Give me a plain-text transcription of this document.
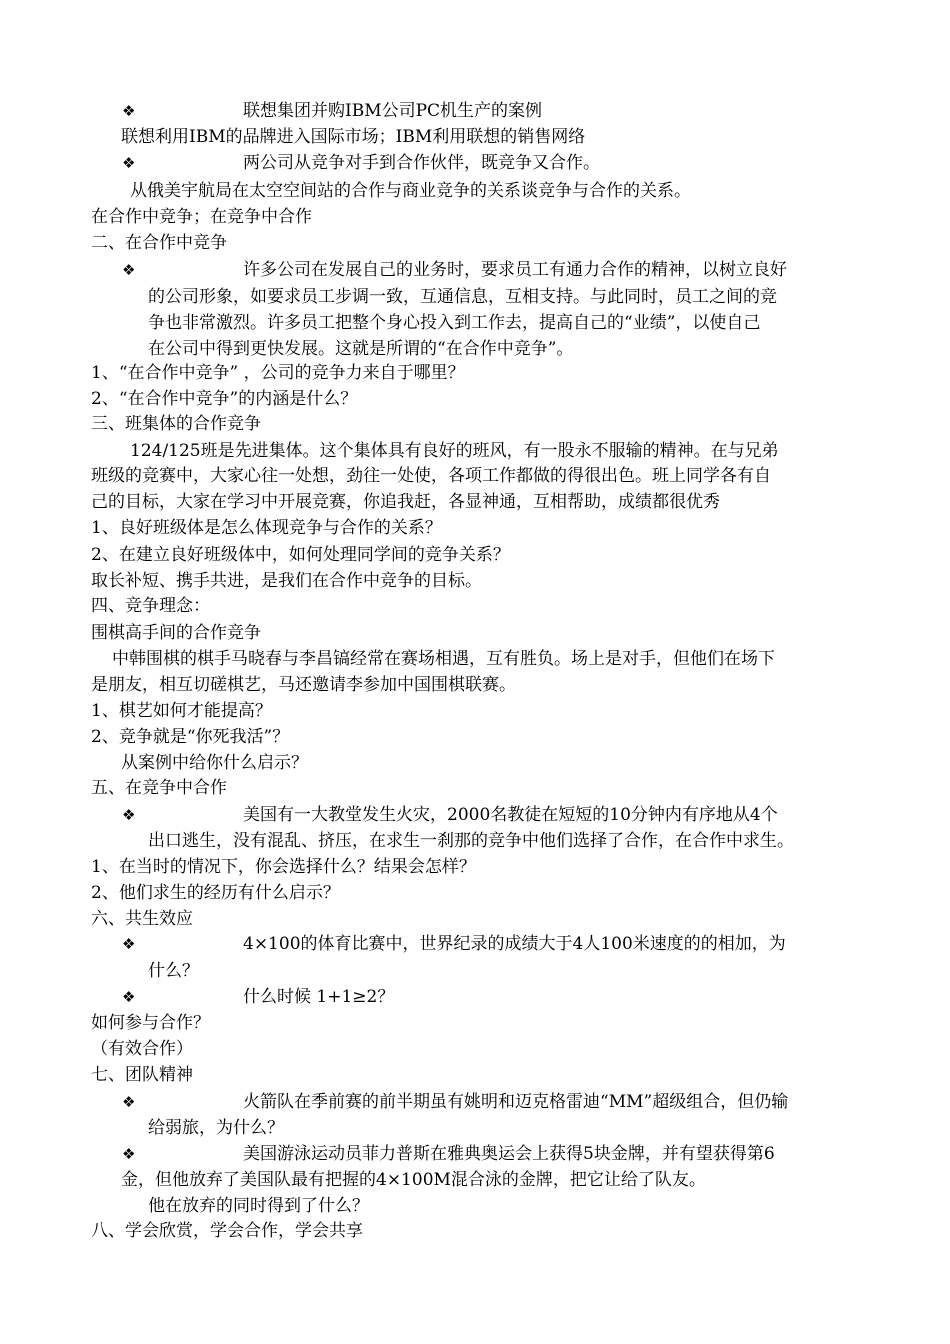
❖
❖
❖
❖
❖
❖
❖
❖
联想集团并购IBM公司PC机生产的案例
联想利用IBM的品牌进入国际市场；IBM利用联想的销售网络
两公司从竞争对手到合作伙伴，既竞争又合作。
从俄美宇航局在太空空间站的合作与商业竞争的关系谈竞争与合作的关系。
在合作中竞争；在竞争中合作
二、在合作中竞争
许多公司在发展自己的业务时，要求员工有通力合作的精神，以树立良好
的公司形象，如要求员工步调一致，互通信息，互相支持。与此同时，员工之间的竞
争也非常激烈。许多员工把整个身心投入到工作去，提高自己的“业绩”，以使自己
在公司中得到更快发展。这就是所谓的“在合作中竞争”。
1、“在合作中竞争” ，公司的竞争力来自于哪里？
2、“在合作中竞争”的内涵是什么？
三、班集体的合作竞争
124/125班是先进集体。这个集体具有良好的班风，有一股永不服输的精神。在与兄弟
班级的竞赛中，大家心往一处想，劲往一处使，各项工作都做的得很出色。班上同学各有自
己的目标，大家在学习中开展竞赛，你追我赶，各显神通，互相帮助，成绩都很优秀
1、良好班级体是怎么体现竞争与合作的关系？
2、在建立良好班级体中，如何处理同学间的竞争关系？
取长补短、携手共进，是我们在合作中竞争的目标。
四、竞争理念：
围棋高手间的合作竞争
中韩围棋的棋手马晓春与李昌镐经常在赛场相遇，互有胜负。场上是对手，但他们在场下
是朋友，相互切磋棋艺，马还邀请李参加中国围棋联赛。
1、棋艺如何才能提高？
2、竞争就是“你死我活”？
从案例中给你什么启示？
五、在竞争中合作
美国有一大教堂发生火灾，2000名教徒在短短的10分钟内有序地从4个
出口逃生，没有混乱、挤压，在求生一刹那的竞争中他们选择了合作，在合作中求生。
1、在当时的情况下，你会选择什么？结果会怎样？
2、他们求生的经历有什么启示？
六、共生效应
4×100的体育比赛中，世界纪录的成绩大于4人100米速度的的相加，为
什么？
什么时候 1+1≥2？
如何参与合作？
（有效合作）
七、团队精神
火箭队在季前赛的前半期虽有姚明和迈克格雷迪“MM”超级组合，但仍输
给弱旅，为什么？
美国游泳运动员菲力普斯在雅典奥运会上获得5块金牌，并有望获得第6
金，但他放弃了美国队最有把握的4×100M混合泳的金牌，把它让给了队友。
他在放弃的同时得到了什么？
八、学会欣赏，学会合作，学会共享
